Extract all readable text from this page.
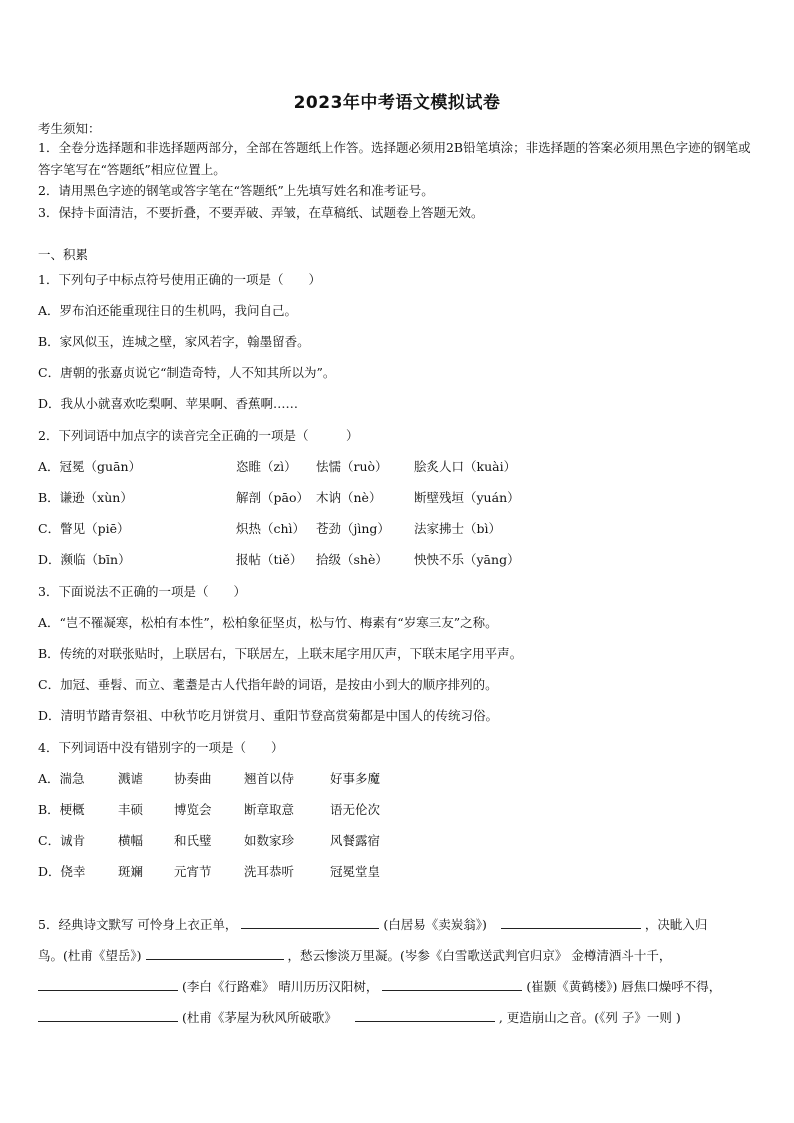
2023年中考语文模拟试卷
考生须知：
1．全卷分选择题和非选择题两部分，全部在答题纸上作答。选择题必须用2B铅笔填涂；非选择题的答案必须用黑色字迹的钢笔或答字笔写在“答题纸”相应位置上。
2．请用黑色字迹的钢笔或答字笔在“答题纸”上先填写姓名和准考证号。
3．保持卡面清洁，不要折叠，不要弄破、弄皱，在草稿纸、试题卷上答题无效。
一、积累
1．下列句子中标点符号使用正确的一项是（　　）
A．罗布泊还能重现往日的生机吗，我问自己。
B．家风似玉，连城之壁，家风若字，翰墨留香。
C．唐朝的张嘉贞说它“制造奇特，人不知其所以为”。
D．我从小就喜欢吃梨啊、苹果啊、香蕉啊……
2．下列词语中加点字的读音完全正确的一项是（　　　）
A．冠冕（guān）	恣睢（zì）	怯懦（ruò）	脍炙人口（kuài）
B．谦逊（xùn）	解剖（pāo） 木讷（nè）	断壁残垣（yuán）
C．瞥见（piē）	炽热（chì） 苍劲（jìng）	法家拂士（bì）
D．濒临（bīn）	报帖（tiě）	拾级（shè）	怏怏不乐（yāng）
3．下面说法不正确的一项是（　　）
A．“岂不罹凝寒，松柏有本性”，松柏象征坚贞，松与竹、梅素有“岁寒三友”之称。
B．传统的对联张贴时，上联居右，下联居左，上联末尾字用仄声，下联末尾字用平声。
C．加冠、垂髫、而立、耄耋是古人代指年龄的词语，是按由小到大的顺序排列的。
D．清明节踏青祭祖、中秋节吃月饼赏月、重阳节登高赏菊都是中国人的传统习俗。
4．下列词语中没有错别字的一项是（　　）
A．湍急	溅谑	协奏曲	翘首以侍	好事多魔
B．梗概	丰硕	博览会	断章取意	语无伦次
C．诚肯	横幅	和氏璧	如数家珍	风餐露宿
D．侥幸	斑斓	元宵节	洗耳恭听	冠冕堂皇
5．经典诗文默写 可怜身上衣正单，	(白居易《卖炭翁》)	，决眦入归
鸟。(杜甫《望岳》)	，愁云惨淡万里凝。(岑参《白雪歌送武判官归京》 金樽清酒斗十千，
(李白《行路难》 晴川历历汉阳树，	(崔颢《黄鹤楼》) 唇焦口燥呼不得，
(杜甫《茅屋为秋风所破歌》	, 更造崩山之音。(《列 子》一则 )
